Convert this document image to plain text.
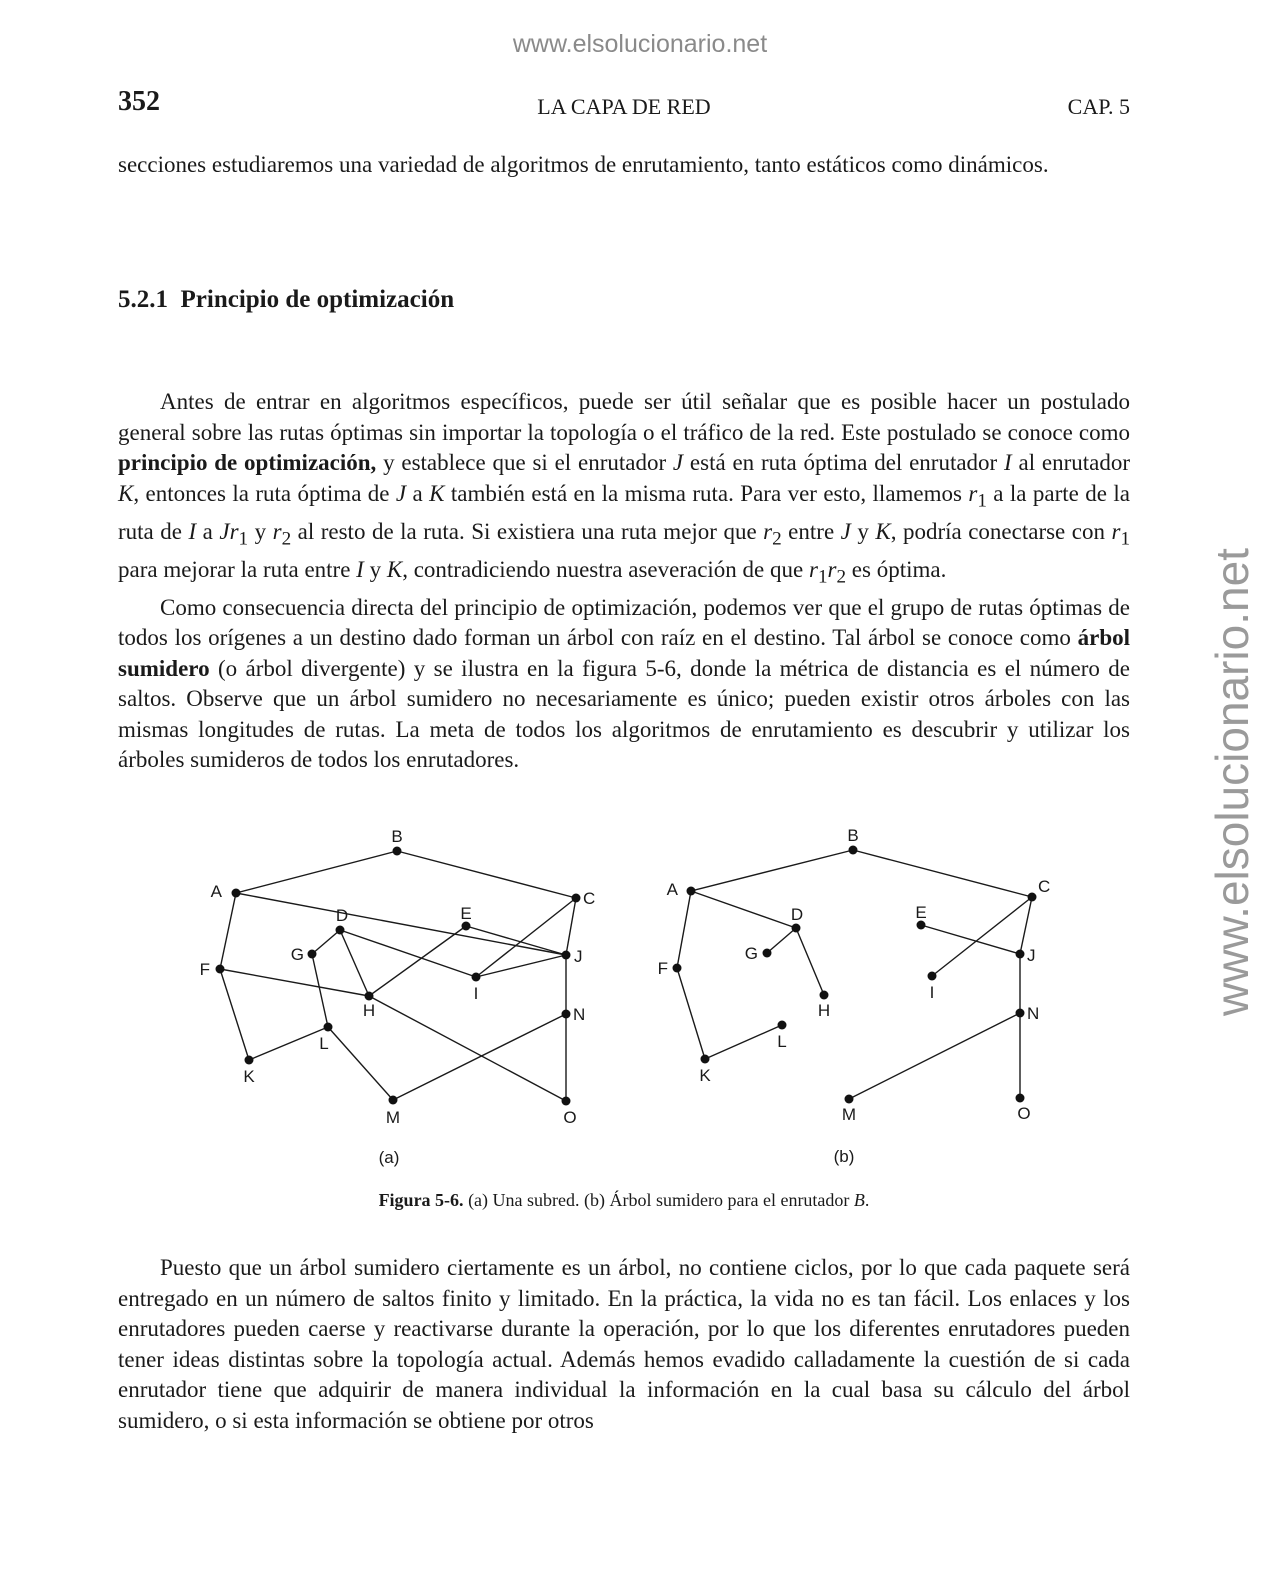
www.elsolucionario.net
www.elsolucionario.net
352	LA CAPA DE RED	CAP. 5

secciones estudiaremos una variedad de algoritmos de enrutamiento, tanto estáticos como dinámicos.

5.2.1 Principio de optimización

Antes de entrar en algoritmos específicos, puede ser útil señalar que es posible hacer un postulado general sobre las rutas óptimas sin importar la topología o el tráfico de la red. Este postulado se conoce como principio de optimización, y establece que si el enrutador J está en ruta óptima del enrutador I al enrutador K, entonces la ruta óptima de J a K también está en la misma ruta. Para ver esto, llamemos $r_1$ a la parte de la ruta de I a $Jr_1$ y $r_2$ al resto de la ruta. Si existiera una ruta mejor que $r_2$ entre J y K, podría conectarse con $r_1$ para mejorar la ruta entre I y K, contradiciendo nuestra aseveración de que $r_1r_2$ es óptima.

Como consecuencia directa del principio de optimización, podemos ver que el grupo de rutas óptimas de todos los orígenes a un destino dado forman un árbol con raíz en el destino. Tal árbol se conoce como árbol sumidero (o árbol divergente) y se ilustra en la figura 5-6, donde la métrica de distancia es el número de saltos. Observe que un árbol sumidero no necesariamente es único; pueden existir otros árboles con las mismas longitudes de rutas. La meta de todos los algoritmos de enrutamiento es descubrir y utilizar los árboles sumideros de todos los enrutadores.

A
B
C
D	E
F
G
H
I
J
K
L
M
N
O
A
B
C
D	E
F
G
H
I
J
K
L
M
N
O
(a)	(b)
Figura 5-6. (a) Una subred. (b) Árbol sumidero para el enrutador B.

Puesto que un árbol sumidero ciertamente es un árbol, no contiene ciclos, por lo que cada paquete será entregado en un número de saltos finito y limitado. En la práctica, la vida no es tan fácil. Los enlaces y los enrutadores pueden caerse y reactivarse durante la operación, por lo que los diferentes enrutadores pueden tener ideas distintas sobre la topología actual. Además hemos evadido calladamente la cuestión de si cada enrutador tiene que adquirir de manera individual la información en la cual basa su cálculo del árbol sumidero, o si esta información se obtiene por otros
